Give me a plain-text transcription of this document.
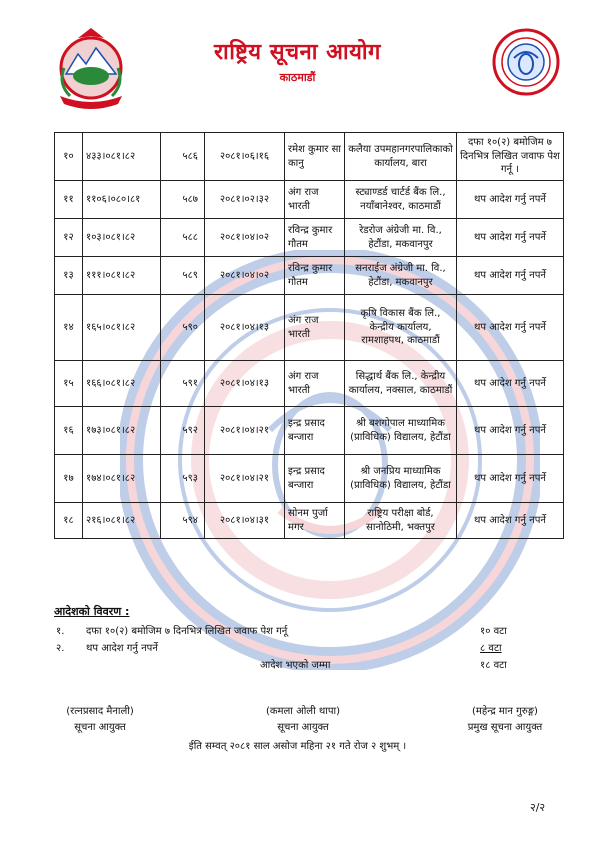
राष्ट्रिय सूचना आयोग
काठमाडौं
१०	४३३।०८१।८२	५८६	२०८१।०६।१६	रमेश कुमार सा कानु	कलैया उपमहानगरपालिकाको कार्यालय, बारा	दफा १०(२) बमोजिम ७ दिनभित्र लिखित जवाफ पेश गर्नू ।
११	११०६।०८०।८१	५८७	२०८१।०२।३२	अंग राज भारती	स्ट्याण्डर्ड चार्टर्ड बैंक लि., नयाँबानेश्वर, काठमाडौं	थप आदेश गर्नु नपर्ने
१२	१०३।०८१।८२	५८८	२०८१।०४।०२	रविन्द्र कुमार गौतम	रेडरोज अंग्रेजी मा. वि., हेटौंडा, मकवानपुर	थप आदेश गर्नु नपर्ने
१३	१११।०८१।८२	५८९	२०८१।०४।०२	रविन्द्र कुमार गौतम	सनराईज अंग्रेजी मा. वि., हेटौंडा, मकवानपुर	थप आदेश गर्नु नपर्ने
१४	१६५।०८१।८२	५९०	२०८१।०४।१३	अंग राज भारती	कृषि विकास बैंक लि., केन्द्रीय कार्यालय, रामशाहपथ, काठमाडौं	थप आदेश गर्नु नपर्ने
१५	१६६।०८१।८२	५९१	२०८१।०४।१३	अंग राज भारती	सिद्धार्थ बैंक लि., केन्द्रीय कार्यालय, नक्साल, काठमाडौं	थप आदेश गर्नु नपर्ने
१६	१७३।०८१।८२	५९२	२०८१।०४।२१	इन्द्र प्रसाद बन्जारा	श्री बशगोपाल माध्यामिक (प्राविधिक) विद्यालय, हेटौंडा	थप आदेश गर्नु नपर्ने
१७	१७४।०८१।८२	५९३	२०८१।०४।२१	इन्द्र प्रसाद बन्जारा	श्री जनप्रिय माध्यामिक (प्राविधिक) विद्यालय, हेटौंडा	थप आदेश गर्नु नपर्ने
१८	२१६।०८१।८२	५९४	२०८१।०४।३१	सोनम पुर्जा मगर	राष्ट्रिय परीक्षा बोर्ड, सानोठिमी, भक्तपुर	थप आदेश गर्नु नपर्ने
आदेशको विवरण :
१. दफा १०(२) बमोजिम ७ दिनभित्र लिखित जवाफ पेश गर्नू	१० वटा
२. थप आदेश गर्नु नपर्ने	८ वटा
आदेश भएको जम्मा	१८ वटा
(रत्नप्रसाद मैनाली)
सूचना आयुक्त
(कमला ओली थापा)
सूचना आयुक्त
(महेन्द्र मान गुरुङ्ग)
प्रमुख सूचना आयुक्त
ईति सम्वत् २०८१ साल असोज महिना २१ गते रोज २ शुभम् ।
२/२
